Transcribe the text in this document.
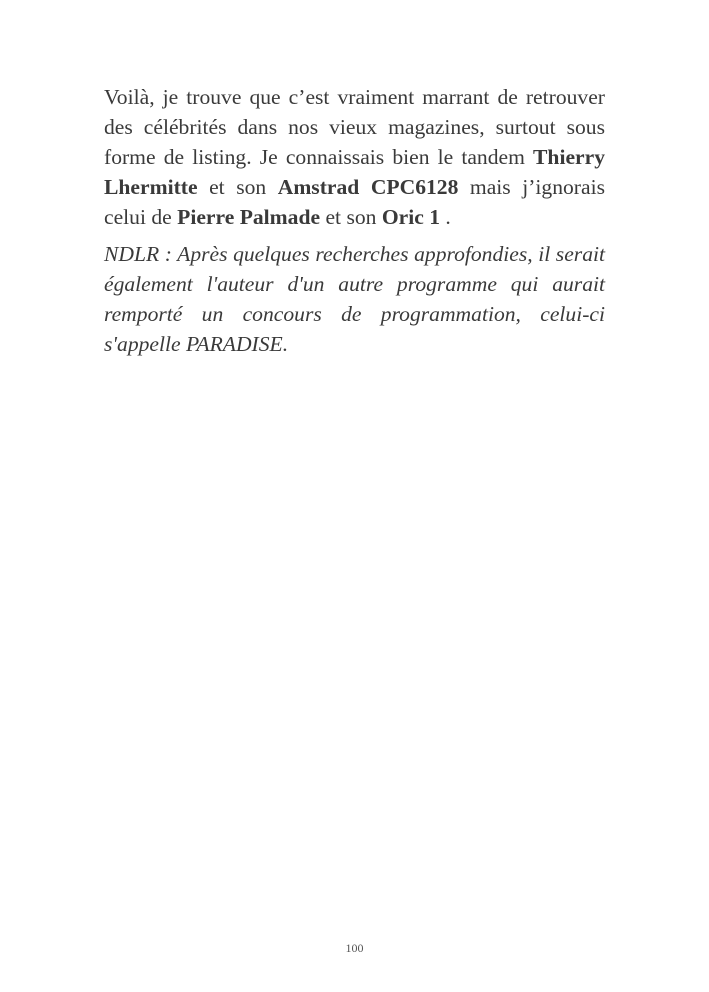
Voilà, je trouve que c’est vraiment marrant de retrouver des célébrités dans nos vieux magazines, surtout sous forme de listing. Je connaissais bien le tandem Thierry Lhermitte et son Amstrad CPC6128 mais j’ignorais celui de Pierre Palmade et son Oric 1 .

NDLR : Après quelques recherches approfondies, il serait également l'auteur d'un autre programme qui aurait remporté un concours de programmation, celui-ci s'appelle PARADISE.

100
